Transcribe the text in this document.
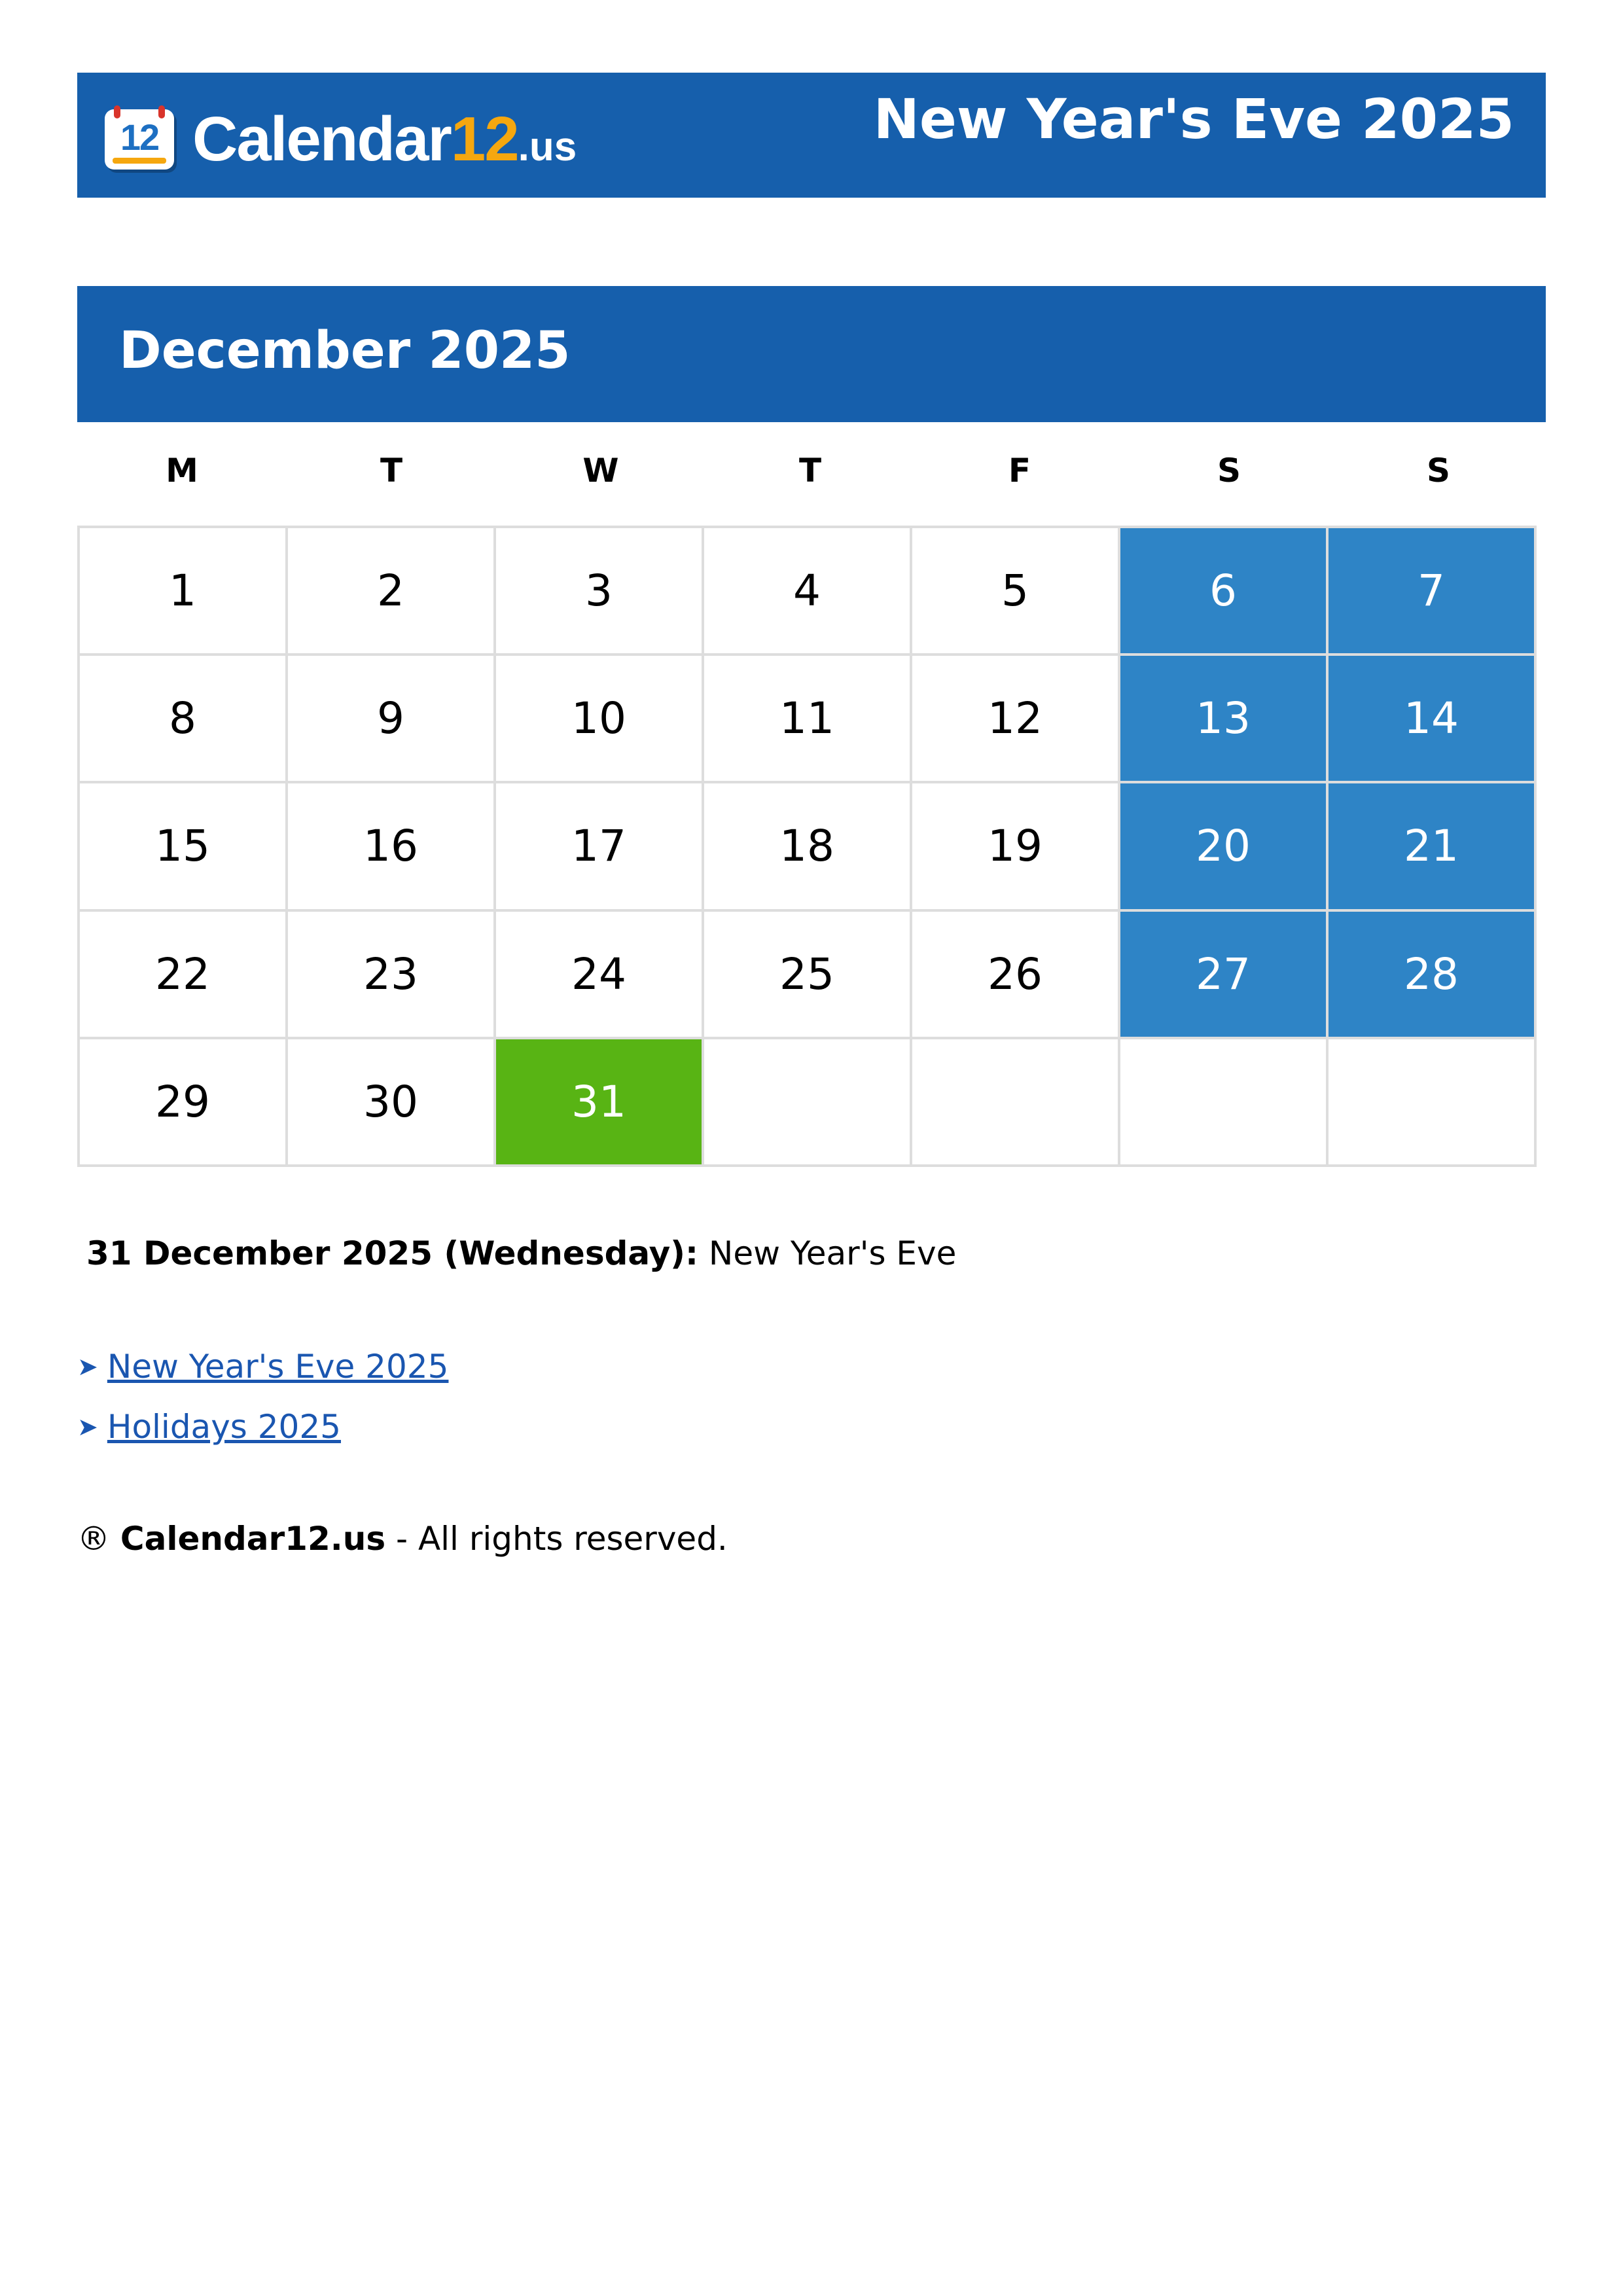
12 Calendar12.us	New Year's Eve 2025
December 2025
M	T	W	T	F	S	S
1	2	3	4	5	6	7
8	9	10	11	12	13	14
15	16	17	18	19	20	21
22	23	24	25	26	27	28
29	30	31
31 December 2025 (Wednesday): New Year's Eve
➤ New Year's Eve 2025
➤ Holidays 2025
® Calendar12.us - All rights reserved.
